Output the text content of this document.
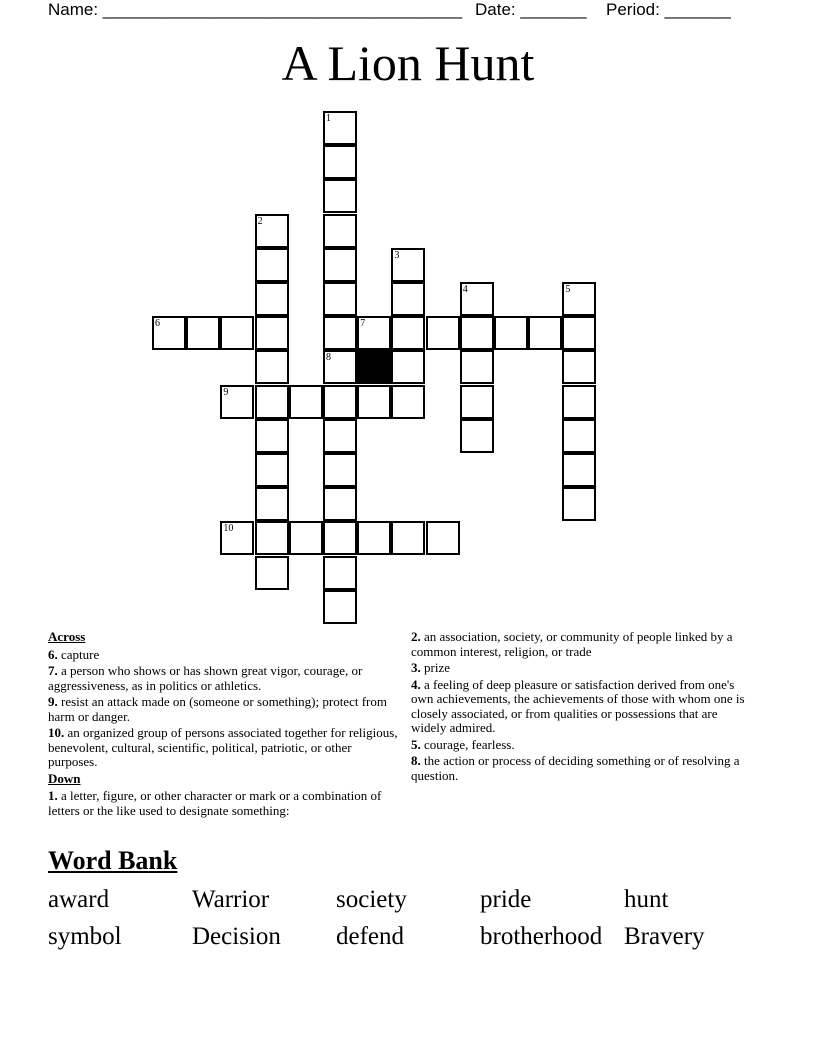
Name: ______________________________________ Date: _______ Period: _______
A Lion Hunt
1
8
2
3
4	5
6	7
9
10
Across
6. capture
7. a person who shows or has shown great vigor, courage, or aggressiveness, as in politics or athletics.
9. resist an attack made on (someone or something); protect from harm or danger.
10. an organized group of persons associated together for religious, benevolent, cultural, scientific, political, patriotic, or other purposes.
Down
1. a letter, figure, or other character or mark or a combination of letters or the like used to designate something:
2. an association, society, or community of people linked by a common interest, religion, or trade
3. prize
4. a feeling of deep pleasure or satisfaction derived from one's own achievements, the achievements of those with whom one is closely associated, or from qualities or possessions that are widely admired.
5. courage, fearless.
8. the action or process of deciding something or of resolving a question.
Word Bank
award	Warrior	society	pride	hunt
symbol	Decision defend	brotherhood Bravery
